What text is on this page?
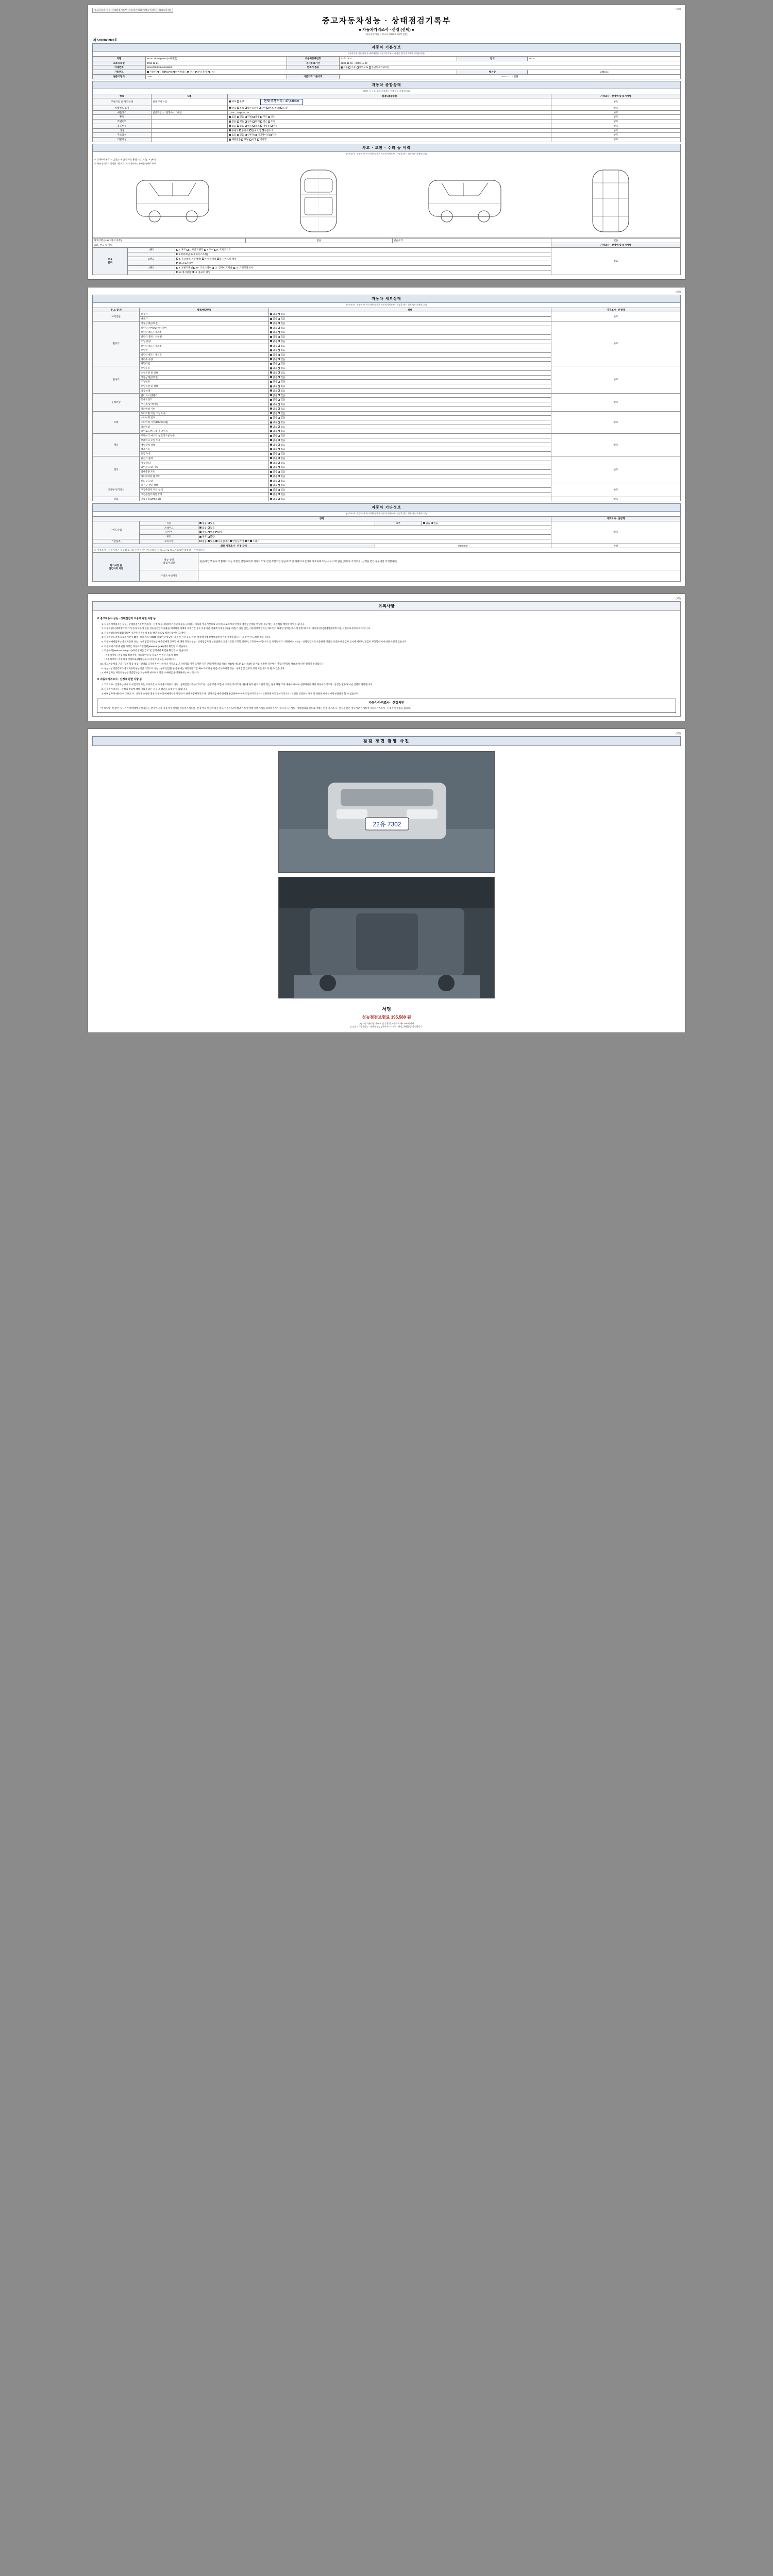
중고자동차 성능·상태점검기록부 (자동차관리법 시행규칙 [별지 제82호서식])	(1쪽)
중고자동차성능 · 상태점검기록부
■ 자동차가격조사 · 산정 (선택) ■
[ 자동차관리법 시행규칙 제120조제1항 관련 ]
제 5010025993호
자동차 기본정보
(자격증명·기준가격 등 세부내용은 자동차가격조사·산정을 받아 결과에만 기재합니다)
차명	A6 40 TFSI quattro (4세대급)	자동차등록번호	22유 7302	연식	2017
최초등록일	2018-11-21	검사유효기간	2008-11-01 ~ 2009-11-00		
차대번호	WAUZZZ4G9HN019002	변속기 종류	자동 수동 세미오토 무단변속기(CVT)		
사용연료	가솔린 디젤 LPG 하이브리드 전기 수소전기 기타			배기량	1,984 cc
원동기형식	CVN	기준가격 기준가격	0 0 0 0 0 0 만원		
자동차 종합상태
(점검 시, 구조·골격, 가격조사·산정 항목 기재합니다)
항목	내용	점검내용(기재)	가격조사 · 산정액 및 특기사항
주행거리 및 계기상태	실제 주행거리	양호 불량 현재 주행거리 : 47,439km	양호
차대번호 표기		양호 부식 훼손(오손) 상이 변조(변타) 도말	양호
배출가스	일산화탄소 / 탄화수소 / 매연	0.7% 220ppm %	양호
튜닝		없음 있음 적법 불법 구조 장치	양호
특별이력		없음 있음 침수 화재 전손 도난	양호
용도변경		없음 있음 렌트 리스 영업용 관용	양호
색상		무채색 유채색 전체도색 부분도색	양호
주요옵션		없음 있음 선루프 내비게이션 기타	양호
리콜대상		해당없음 해당 이행 미이행	양호
사고 · 교환 · 수리 등 이력
(가격조사 · 산정자 및 특기사항 항목은 자동차가격조사 · 산정을 받는 경우에만 기재합니다)
※ 상태표시 부호 : ○ (없음) · ⊗ (판금 또는 용접) · △ (교환) · X (부식)
※ 하단 상태표시 설명은 기준으로, 기타 자동차는 유사한 형태로 표시
사고이력 (crash·사고 유무)	없음	단순수리	없음
교환, 판금 등 이력			가격조사 · 산정액 및 특기사항
주요
골격	1랭크	1. 후드 2. 프론트펜더 3. 도어 4. 트렁크리드	없음
		5.쿼터패널 4)(휠하우스포함)	
	2랭크	6. 루프패널(지붕패널) 7. 필러패널 8. 사이드실 패널	
		10.크로스멤버	
	3랭크	9. 프론트패널 10. 크로스멤버 11. 인사이드패널 12. 트렁크플로어	
		13.대시패널 14. 플로어 패널	
(2쪽)
자동차 세부상태
(가격조사 · 산정자 및 특기사항 항목은 자동차가격조사 · 산정을 받는 경우에만 기재합니다)
주 요 장 치	항목/해당부품	상태	가격조사 · 산정액
자기진단	원동기	없음 있음	양호
	변속기	없음 있음	
원동기	작동상태(공회전)	없음 있음	양호
	실린더 커버(로커암) 커버	없음 있음	
	실린더 헤드 / 개스킷	없음 있음	
	실린더 블록 / 오일팬	없음 있음	
	오일 유량	없음 있음	
	실린더 헤드 / 개스킷	없음 있음	
	오일팬	없음 있음	
	실린더 헤드 / 개스킷	없음 있음	
	냉각수 수량	없음 있음	
	커먼레일	없음 있음	
변속기	오일누유	없음 있음	양호
	오일유면 및 상태	없음 있음	
	작동상태(공회전)	없음 있음	
	오일누유	없음 있음	
	오일유면 및 상태	없음 있음	
	작동상태	없음 있음	
동력전달	클러치 어셈블리	없음 있음	양호
	등속조인트	없음 있음	
	추진축 및 베어링	없음 있음	
	디퍼렌셜 기어	없음 있음	
조향	동력조향 작동 오일 누유	없음 있음	양호
	스티어링 펌프	없음 있음	
	스티어링 기어(MDPS포함)	없음 있음	
	피트먼암	없음 있음	
	타이로드엔드 및 볼 조인트	없음 있음	
제동	브레이크 마스터 실린더오일 누유	없음 있음	양호
	브레이크 오일 누유	없음 있음	
	배력장치 상태	없음 있음	
	펌프기능	없음 있음	
	유압 누유	없음 있음	
전기	발전기 출력	없음 있음	양호
	시동 모터	없음 있음	
	와이퍼 모터 기능	없음 있음	
	실내송풍 모터	없음 있음	
	라디에이터 팬 모터	없음 있음	
	윈도우 모터	없음 있음	
고전원 전기장치	충전구 절연 상태	없음 있음	양호
	구동축전지 격리 상태	없음 있음	
	고전원전기배선 상태	없음 있음	
연료	연료누출(LPG포함)	없음 있음	양호
자동차 기타정보
(가격조사 · 산정자 및 특기사항 항목은 자동차가격조사 · 산정을 받는 경우에만 기재합니다)
항목					가격조사 · 산정액
사이드슬립	유동	없음 있음	내부	없음 있음	양호
	브레이크	없음 있음			
	타이어	양호 보통 불량			
	광도	양호 불량			
기본품목	보유사항	없음 있음 사용설명서 안전삼각대 잭 스패너			
최종 가격조사 · 산정 금액			0 0 0 0 0		만원
※ 가격조사 · 산정가격은 성능점검자의 주관적 판단이 포함될 수 있으므로 참고자료로만 활용하시기 바랍니다.					
특기사항 및
점검자의 의견	성능·상태
점검자 의견	판금/파인 부분/도색 불량이 기능 부분은 결함/내외부 세차처리 및 간단 부분적인 판금/도색 및 차량의 보존상태 양호하며 도난/사고 이력 없음 (자동차 가격조사 · 산정을 받은 경우에만 기재합니다)			
	가격조사·산정자				
(3쪽)
유의사항
※ 중고자동차 성능 · 상태점검과 보증에 관한 사항 등
1. 자동차매매업자는 성능 · 상태점검기록부(자동차 · 산정 내용 제외)에 기재된 내용을 고지하지 아니하거나 거짓으로 고지할(으로써 매수인에게 재산상 손해를 발생한 경우에는 그 손해를 배상할 책임을 집니다.
2. 자동차인도(매매계약이 거래 성사 교부가 인한 성능점검일과 내용을 매매하여 매매의 보증기간 정도 보증기간 이내에 지체없이 (권 고발(기 다른 것은, 자동차매매업자는 매수인이 허용된 상태를 바르게 정할 때 이와, 자동차인도(매매업자에게 이를 서면으로 통보하여야 합니다.
3. 자동차성능상태점검기록부 기간만 적절하게 통보 확인 필요로 해당사항 한다고 확인
4. 자동차인도일부터 보증기간이 30일, 보증거리가 2000 킬로미터에 닿는 내(먼저 기간 등을 이상, 보증액이에 선행보증하여 이하이어야 합니다. 그 중 먼저 도래한 것을 적용).
5. 자동차매매업자는 중고자동차 성능 · 상태점검기록부를 매수인에게 교부할 때 해당 자동차성능 · 상태점검자의 보증범위와 보증기간을 고지할 것이며, 고지하여야 합니다. 등 보장범위가 기재하여는 <성능 · 상태점검자의 보증한다 이외의 보증하여 점검자 교시에 따르며, 점검이 부적합한지에 대한 사실이 있습니다.
6. 자동차의 리콜에 관한 사항은 자동차리콜센터(www.car.go.kr)에서 확인할 수 있습니다.
7. 자동차의(www.car365.go.kr)에서 실제를 검토 및 입력에서 확인을 확인할 수 있습니다.
- 자동차이력 : 자동차의 정비이력, 자동차이력 등 정보가 연결된 자동차 정보
- 자동차이력 : 자동차가 이력으로 (해당정보다) 자동차 정보를 제공합니다.
10. 중고자동차의 구조 · 장치 활동 성능 · 상태를 고지하지 아니하거나 거짓으로 고지하게되 거짓 고지한 기간 (자동차관리법 제8조 제23항 제1항 또는 제2항 및 이를 위반한 경우에는 자동차관리법 제80조에 따른 벌칙이 부과됩니다.
11. 성능 · 상태점검자가 중고자동차성능기간 거짓으로 성능 · 상태 점검을 한 경우에는 자동차관리법 제80조에 따른 벌금이 부과되며 성능 · 상태점검 업무의 정지 또는 취소가 될 수 있습니다.
12. 매매업자는 자동차성능상태점검부를 교부하지 아니하고 자동차 매매를 중개하여서는 아니 됩니다.
※ 자동차가격조사 · 산정에 관한 사항 등
1. 가격조사 · 산정자는 매매의 성립기가 또는 보증기간 이내에 중고자동차 성능 · 상태점검기록부(가격조사 · 산정 부분 포함)에 기재된 가격조사 내용에 따라 필요 오류가 있는 경우 해당 조사 내용에 대하여 설명하여야 하며 자동차가격조사 · 산정은 필수가 아닌 선택적 사항입니다.
2. 자동차가격조사 · 산정의 결과에 대해 이의가 있는 경우 그 확인을 요청할 수 있습니다.
3. 매매업자가 매수인이 거래조사 · 산정을 요청한 경우 자동차의 매매계약을 체결하기 전에 자동차가격조사 · 산정서를 매수인에게 발급하여야 하며 자동차가격조사 · 산정자에게 자동차가격조사 · 산정을 의뢰하는 경우 이 비용을 매수인에게 부담하게 할 수 없습니다.
자동차가격조사 · 산정의안
"가격조사 · 산정"은 실시기가 매매대행을 보장하는 것이 아니며, 자동차가 제시된 자동차가격조사 · 산정 부분 한정에 따른 참고 기준이 되며 해당 가격이 매매 시장 가격을 보장하지 아니합니다. 단, 성능 · 상태점검과 별도로 거래는 현재 가격조사 · 산정을 받은 경우에만 기재하며 자동차가격조사 · 산정자가 책임을 집니다.
(4쪽)
점검 장면 촬영 사진
22유 7302
서명
성능점검보험료 195,580 원
[ * ] 자동차관리법 제58조 및 같은 법 시행규칙 제120조에 따라
[ Y ] 중고자동차성능 · 상태를 점검 [ 자동차가격조사 · 산정 ] 하였음을 확인합니다.
